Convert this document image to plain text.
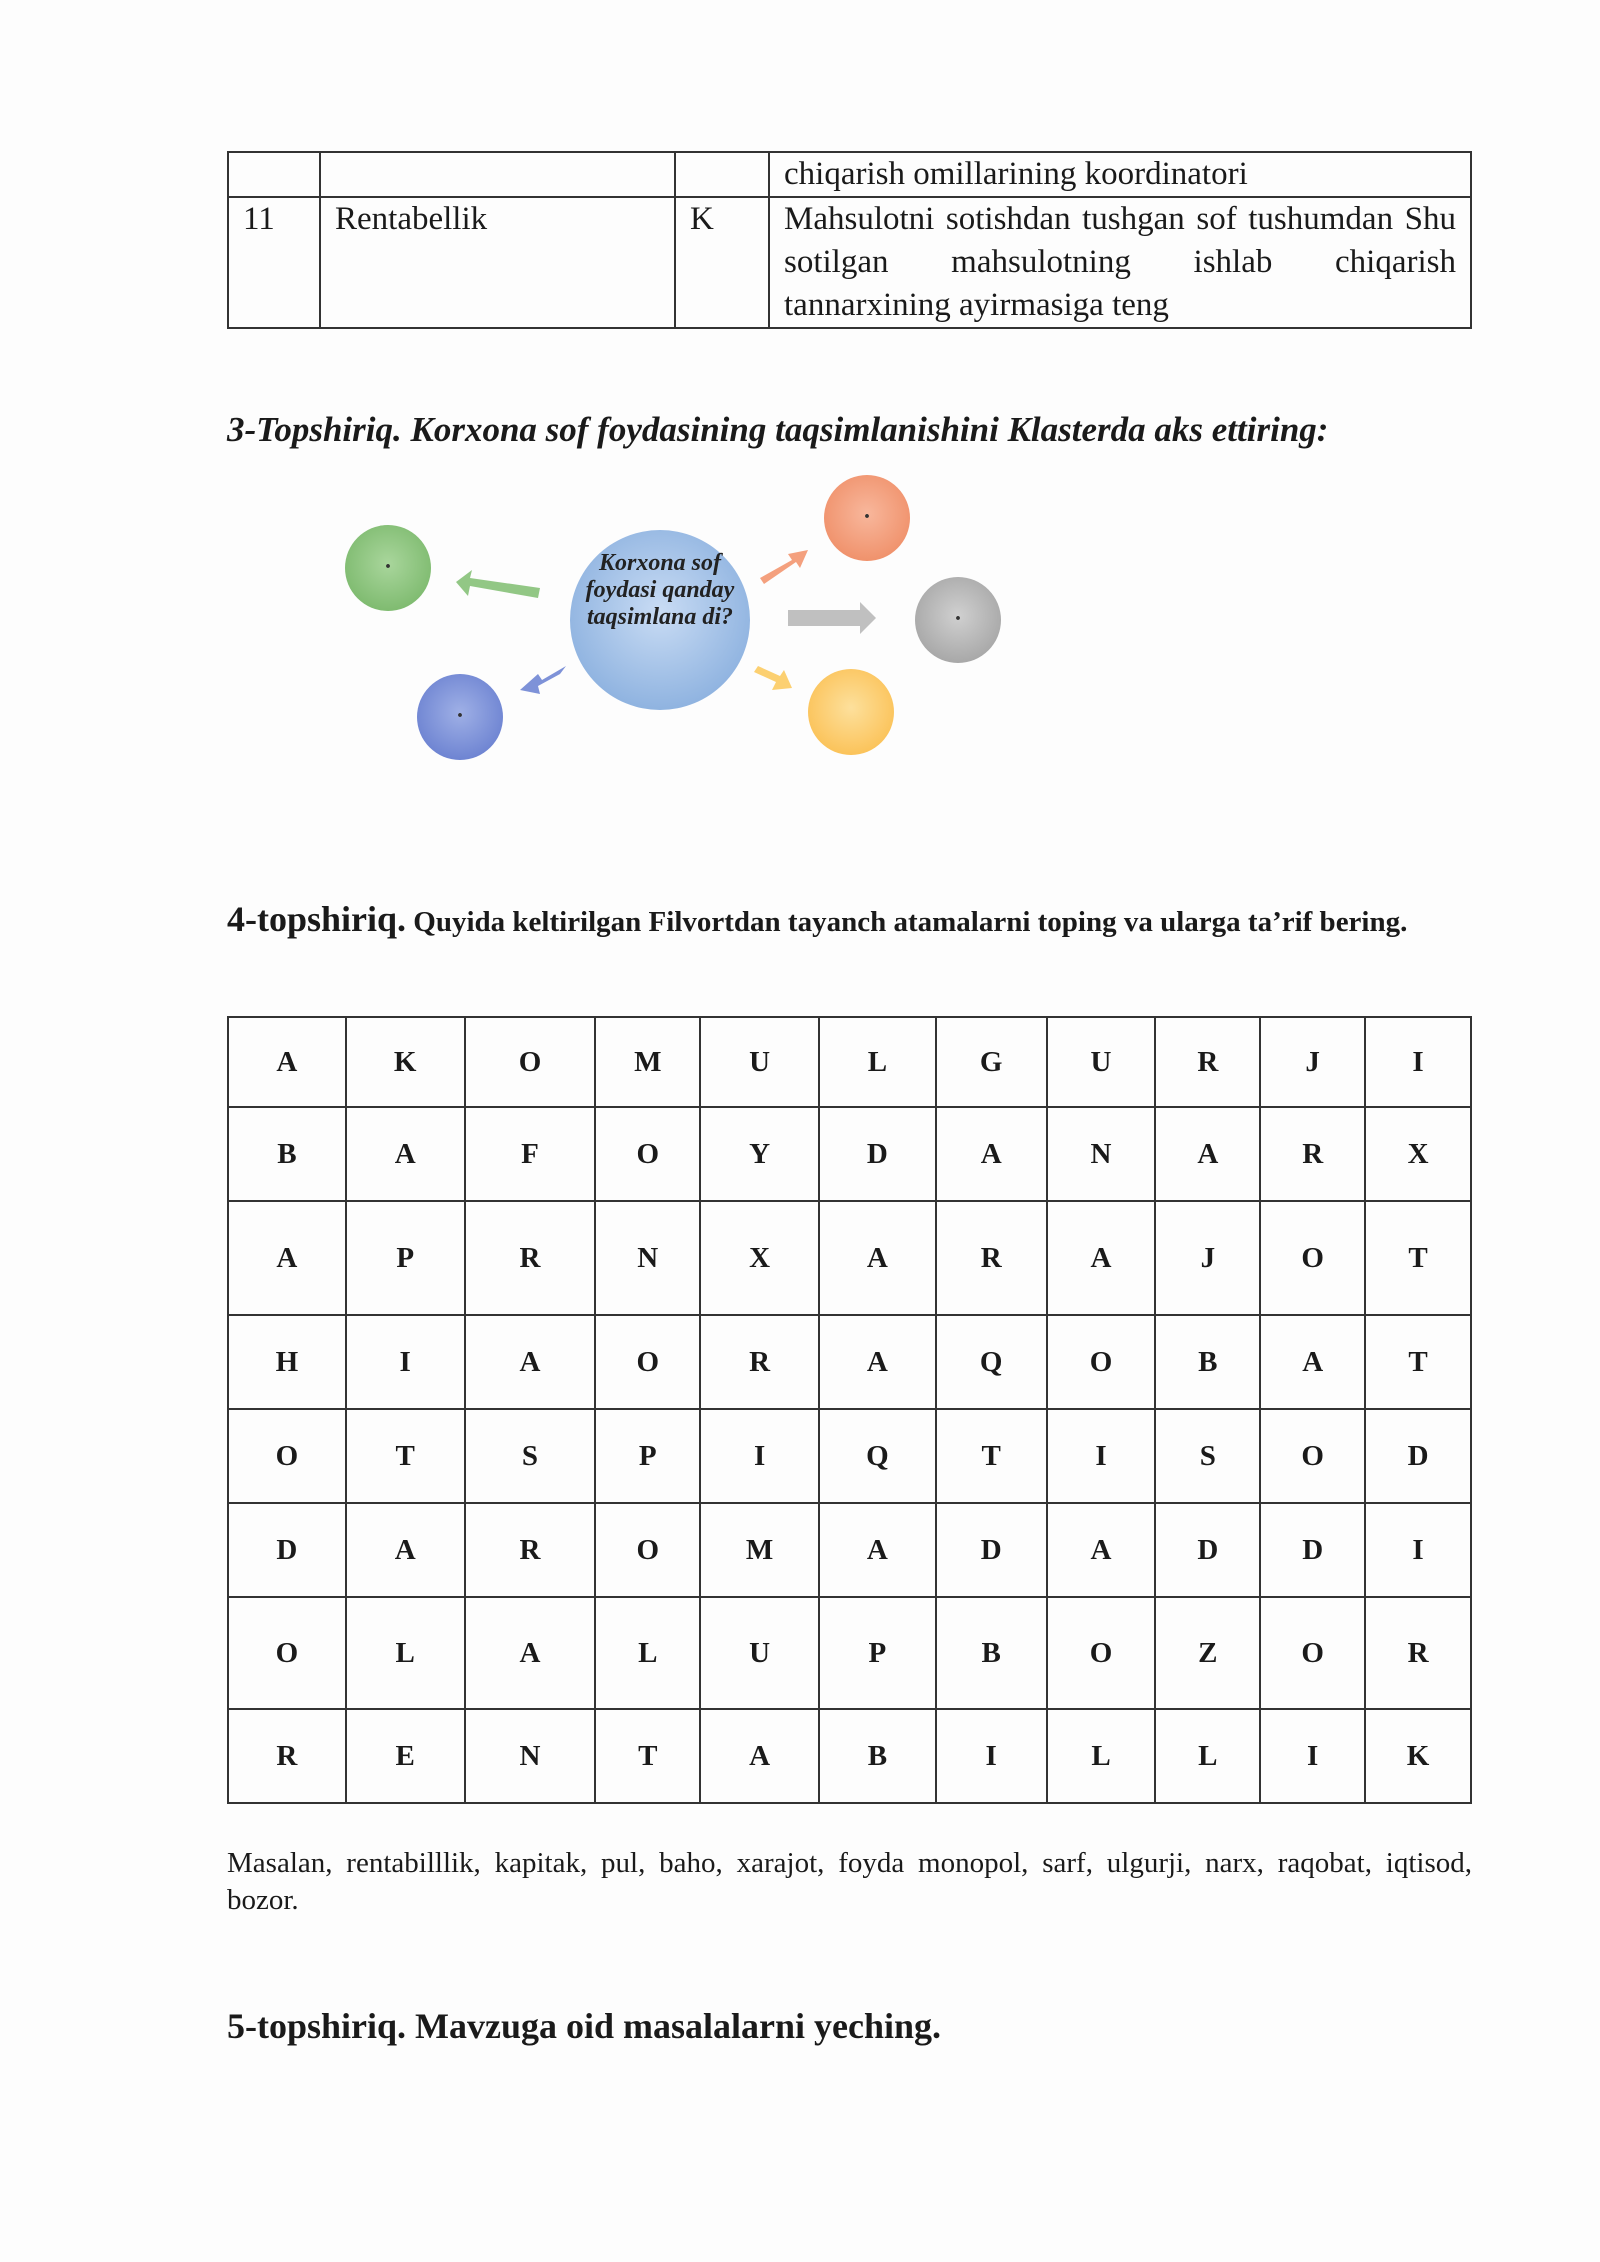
			chiqarish omillarining koordinatori
11	Rentabellik	K	Mahsulotni sotishdan tushgan sof tushumdan Shu sotilgan mahsulotning ishlab chiqarish tannarxining ayirmasiga teng
3-Topshiriq. Korxona sof foydasining taqsimlanishini Klasterda aks ettiring:
Korxona sof foydasi qanday taqsimlana di?
.
.
.
.
4-topshiriq. Quyida keltirilgan Filvortdan tayanch atamalarni toping va ularga ta’rif bering.
A	K	O	M	U	L	G	U	R	J	I
B	A	F	O	Y	D	A	N	A	R	X
A	P	R	N	X	A	R	A	J	O	T
H	I	A	O	R	A	Q	O	B	A	T
O	T	S	P	I	Q	T	I	S	O	D
D	A	R	O	M	A	D	A	D	D	I
O	L	A	L	U	P	B	O	Z	O	R
R	E	N	T	A	B	I	L	L	I	K
Masalan, rentabilllik, kapitak, pul, baho, xarajot, foyda monopol, sarf, ulgurji, narx, raqobat, iqtisod, bozor.
5-topshiriq. Mavzuga oid masalalarni yeching.
